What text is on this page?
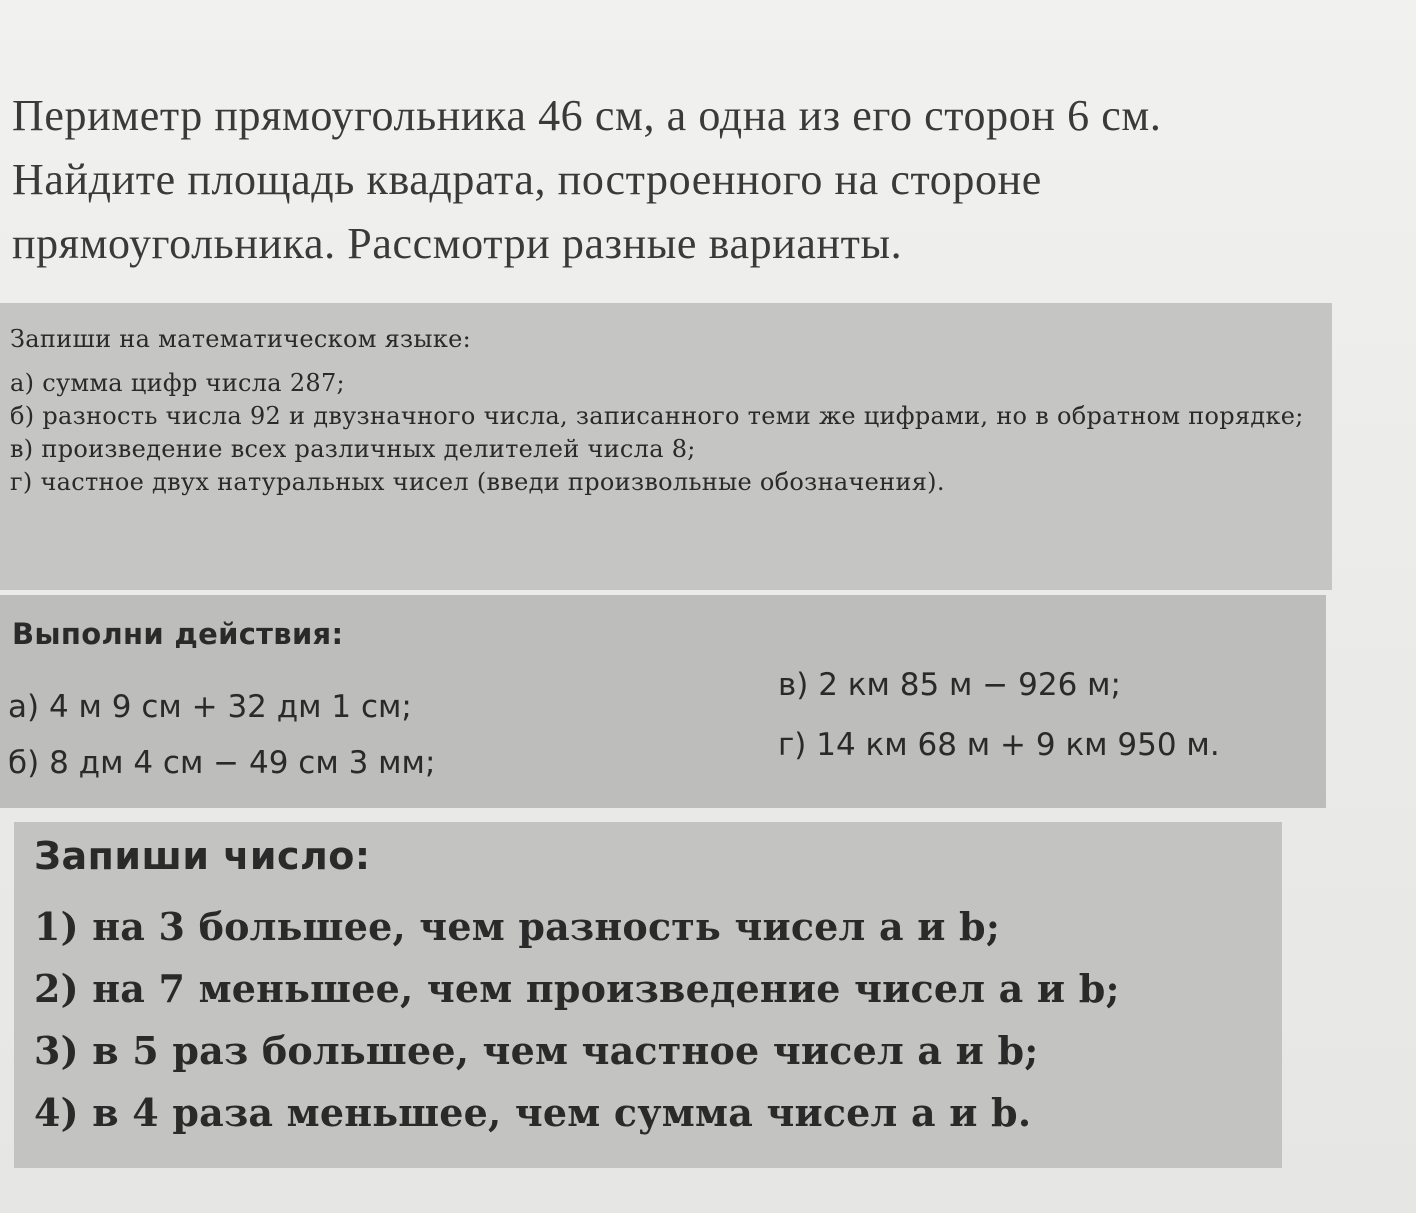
Периметр прямоугольника 46 см, а одна из его сторон 6 см.
Найдите площадь квадрата, построенного на стороне
прямоугольника. Рассмотри разные варианты.
Запиши на математическом языке:
а) сумма цифр числа 287;
б) разность числа 92 и двузначного числа, записанного теми же цифрами, но в обратном порядке;
в) произведение всех различных делителей числа 8;
г) частное двух натуральных чисел (введи произвольные обозначения).
Выполни действия:
а) 4 м 9 см + 32 дм 1 см;
б) 8 дм 4 см − 49 см 3 мм;
в) 2 км 85 м − 926 м;
г) 14 км 68 м + 9 км 950 м.
Запиши число:
1) на 3 большее, чем разность чисел a и b;
2) на 7 меньшее, чем произведение чисел a и b;
3) в 5 раз большее, чем частное чисел a и b;
4) в 4 раза меньшее, чем сумма чисел a и b.
